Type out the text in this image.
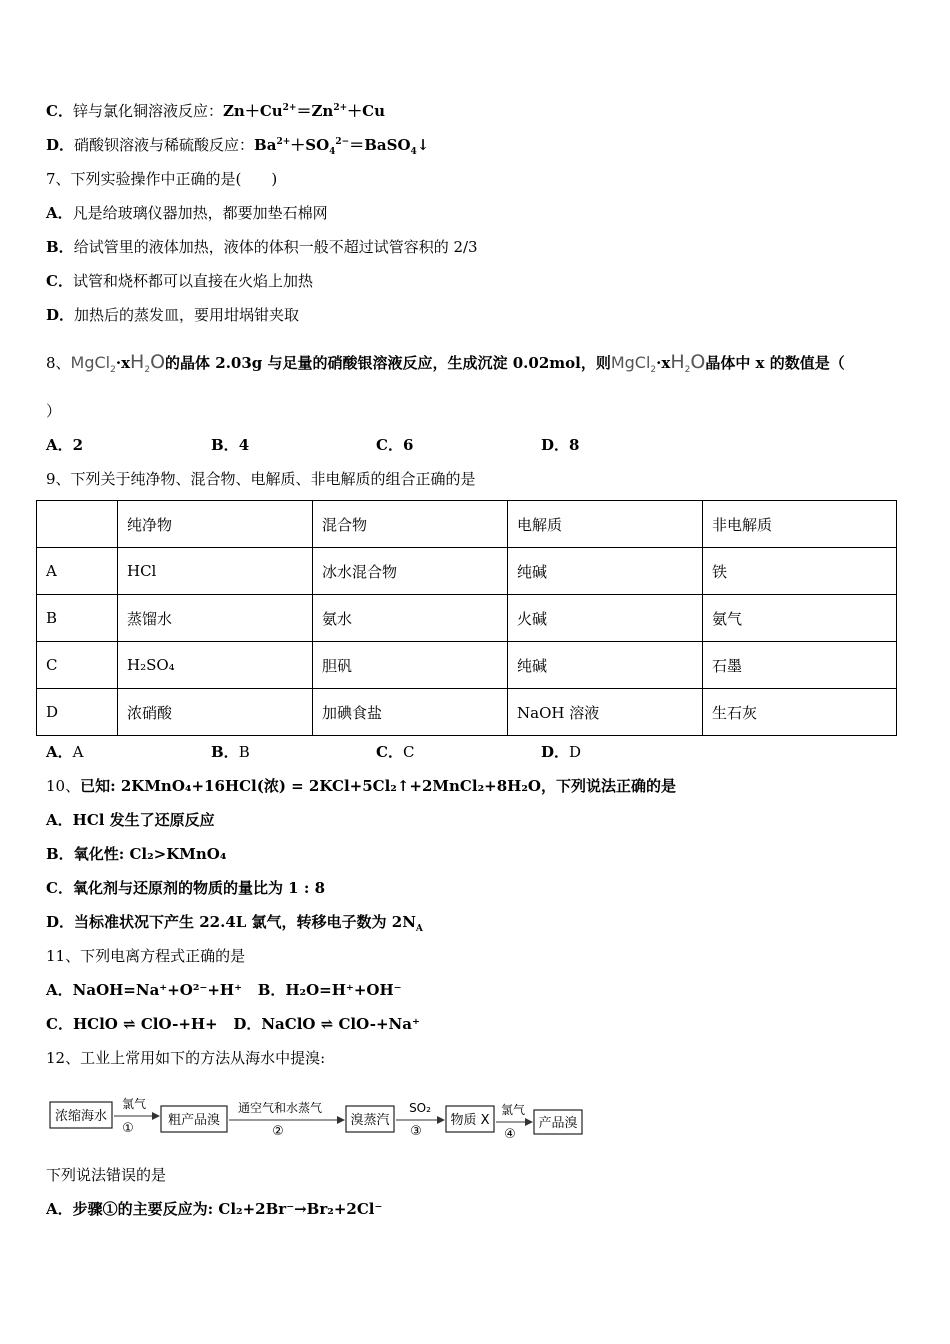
C．锌与氯化铜溶液反应：$Zn+Cu^{2+}=Zn^{2+}+Cu$
D．硝酸钡溶液与稀硫酸反应：$Ba^{2+}+SO_4^{2-}=BaSO_4↓$
7、下列实验操作中正确的是(　　)
A．凡是给玻璃仪器加热，都要加垫石棉网
B．给试管里的液体加热，液体的体积一般不超过试管容积的 2/3
C．试管和烧杯都可以直接在火焰上加热
D．加热后的蒸发皿，要用坩埚钳夹取
8、$MgCl_2\cdot xH_2O$的晶体 2.03g 与足量的硝酸银溶液反应，生成沉淀 0.02mol，则$MgCl_2\cdot xH_2O$晶体中 x 的数值是（
）
A．2	B．4	C．6	D．8
9、下列关于纯净物、混合物、电解质、非电解质的组合正确的是
	纯净物	混合物	电解质	非电解质
A	HCl	冰水混合物	纯碱	铁
B	蒸馏水	氨水	火碱	氨气
C	H₂SO₄	胆矾	纯碱	石墨
D	浓硝酸	加碘食盐	NaOH 溶液	生石灰
A．A	B．B	C．C	D．D
10、已知: 2KMnO₄+16HCl(浓) = 2KCl+5Cl₂↑+2MnCl₂+8H₂O，下列说法正确的是
A．HCl 发生了还原反应
B．氧化性: Cl₂>KMnO₄
C．氧化剂与还原剂的物质的量比为 1 : 8
D．当标准状况下产生 22.4L 氯气，转移电子数为 $2N_A$
11、下列电离方程式正确的是
A．NaOH=Na⁺+O²⁻+H⁺ B．H₂O=H⁺+OH⁻
C．HClO ⇌ ClO-+H+ D．NaClO ⇌ ClO-+Na⁺
12、工业上常用如下的方法从海水中提溴:
浓缩海水	粗产品溴	溴蒸汽	物质 X	产品溴
氯气
①
通空气和水蒸气
②
SO₂
③
氯气
④
下列说法错误的是
A．步骤①的主要反应为: Cl₂+2Br⁻→Br₂+2Cl⁻
